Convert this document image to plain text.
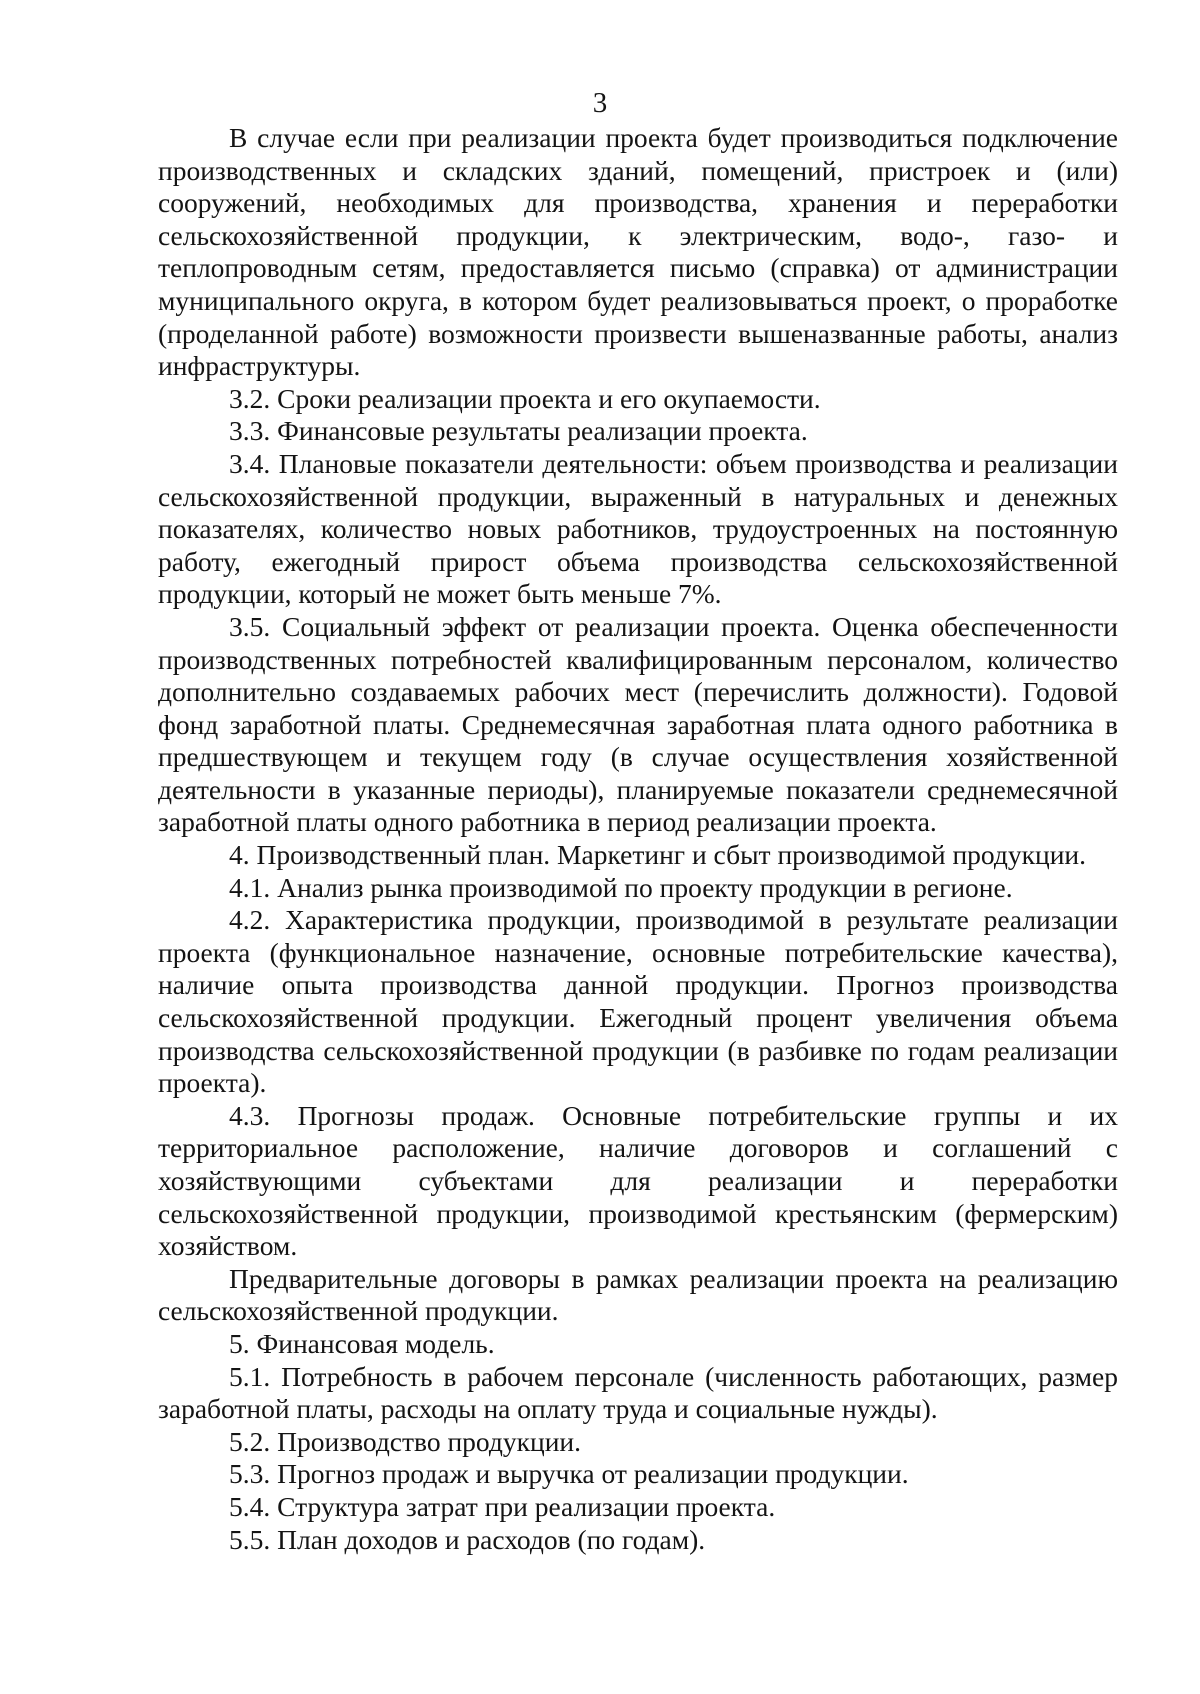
3

В случае если при реализации проекта будет производиться подключение производственных и складских зданий, помещений, пристроек и (или) сооружений, необходимых для производства, хранения и переработки сельскохозяйственной продукции, к электрическим, водо-, газо- и теплопроводным сетям, предоставляется письмо (справка) от администрации муниципального округа, в котором будет реализовываться проект, о проработке (проделанной работе) возможности произвести вышеназванные работы, анализ инфраструктуры.

3.2. Сроки реализации проекта и его окупаемости.

3.3. Финансовые результаты реализации проекта.

3.4. Плановые показатели деятельности: объем производства и реализации сельскохозяйственной продукции, выраженный в натуральных и денежных показателях, количество новых работников, трудоустроенных на постоянную работу, ежегодный прирост объема производства сельскохозяйственной продукции, который не может быть меньше 7%.

3.5. Социальный эффект от реализации проекта. Оценка обеспеченности производственных потребностей квалифицированным персоналом, количество дополнительно создаваемых рабочих мест (перечислить должности). Годовой фонд заработной платы. Среднемесячная заработная плата одного работника в предшествующем и текущем году (в случае осуществления хозяйственной деятельности в указанные периоды), планируемые показатели среднемесячной заработной платы одного работника в период реализации проекта.

4. Производственный план. Маркетинг и сбыт производимой продукции.

4.1. Анализ рынка производимой по проекту продукции в регионе.

4.2. Характеристика продукции, производимой в результате реализации проекта (функциональное назначение, основные потребительские качества), наличие опыта производства данной продукции. Прогноз производства сельскохозяйственной продукции. Ежегодный процент увеличения объема производства сельскохозяйственной продукции (в разбивке по годам реализации проекта).

4.3. Прогнозы продаж. Основные потребительские группы и их территориальное расположение, наличие договоров и соглашений с хозяйствующими субъектами для реализации и переработки сельскохозяйственной продукции, производимой крестьянским (фермерским) хозяйством.

Предварительные договоры в рамках реализации проекта на реализацию сельскохозяйственной продукции.

5. Финансовая модель.

5.1. Потребность в рабочем персонале (численность работающих, размер заработной платы, расходы на оплату труда и социальные нужды).

5.2. Производство продукции.

5.3. Прогноз продаж и выручка от реализации продукции.

5.4. Структура затрат при реализации проекта.

5.5. План доходов и расходов (по годам).
